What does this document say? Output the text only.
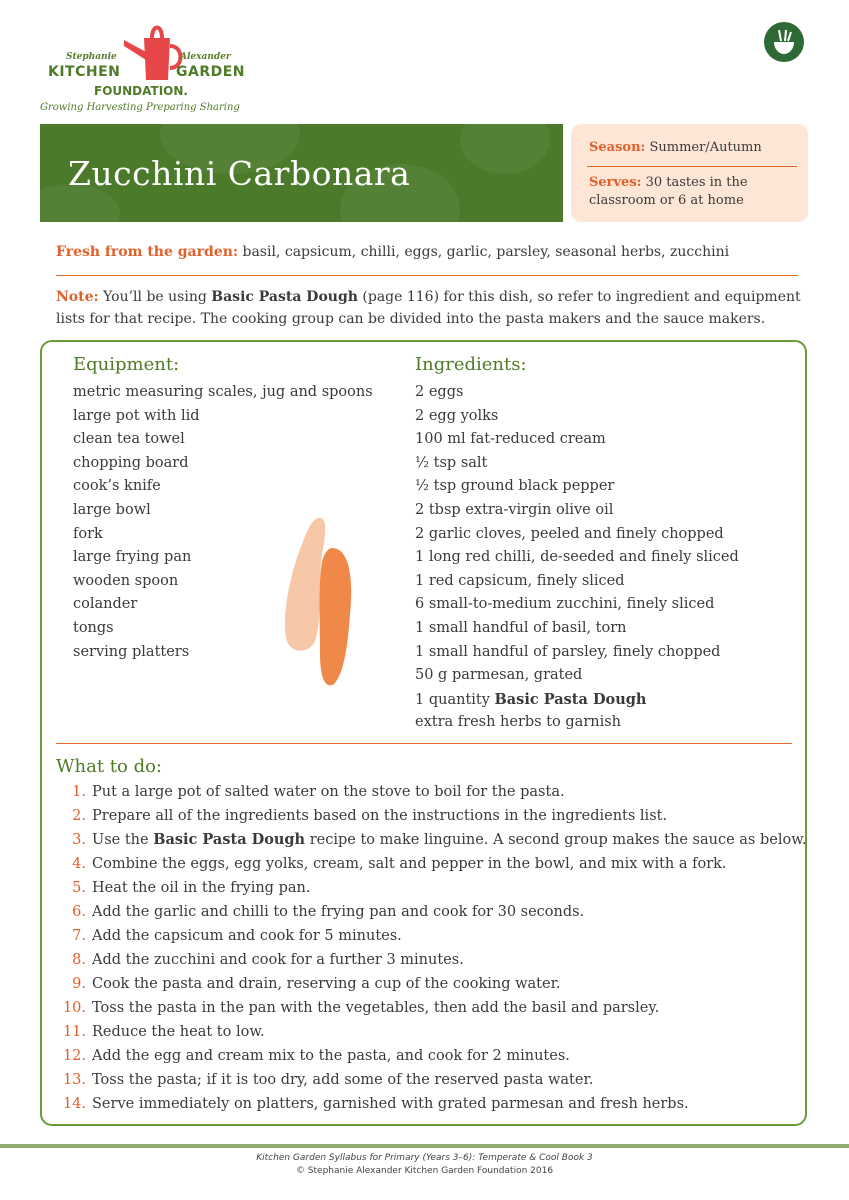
Stephanie	Alexander
KITCHEN	GARDEN
FOUNDATION.
Growing Harvesting Preparing Sharing
Zucchini Carbonara
Season: Summer/Autumn
Serves: 30 tastes in the classroom or 6 at home
Fresh from the garden: basil, capsicum, chilli, eggs, garlic, parsley, seasonal herbs, zucchini
Note: You’ll be using Basic Pasta Dough (page 116) for this dish, so refer to ingredient and equipment lists for that recipe. The cooking group can be divided into the pasta makers and the sauce makers.
Equipment:
metric measuring scales, jug and spoons
large pot with lid
clean tea towel
chopping board
cook’s knife
large bowl
fork
large frying pan
wooden spoon
colander
tongs
serving platters
Ingredients:
2 eggs
2 egg yolks
100 ml fat-reduced cream
½ tsp salt
½ tsp ground black pepper
2 tbsp extra-virgin olive oil
2 garlic cloves, peeled and finely chopped
1 long red chilli, de-seeded and finely sliced
1 red capsicum, finely sliced
6 small-to-medium zucchini, finely sliced
1 small handful of basil, torn
1 small handful of parsley, finely chopped
50 g parmesan, grated
1 quantity Basic Pasta Dough
extra fresh herbs to garnish
What to do:
1. Put a large pot of salted water on the stove to boil for the pasta.
2. Prepare all of the ingredients based on the instructions in the ingredients list.
3. Use the Basic Pasta Dough recipe to make linguine. A second group makes the sauce as below.
4. Combine the eggs, egg yolks, cream, salt and pepper in the bowl, and mix with a fork.
5. Heat the oil in the frying pan.
6. Add the garlic and chilli to the frying pan and cook for 30 seconds.
7. Add the capsicum and cook for 5 minutes.
8. Add the zucchini and cook for a further 3 minutes.
9. Cook the pasta and drain, reserving a cup of the cooking water.
10. Toss the pasta in the pan with the vegetables, then add the basil and parsley.
11. Reduce the heat to low.
12. Add the egg and cream mix to the pasta, and cook for 2 minutes.
13. Toss the pasta; if it is too dry, add some of the reserved pasta water.
14. Serve immediately on platters, garnished with grated parmesan and fresh herbs.
Kitchen Garden Syllabus for Primary (Years 3–6): Temperate & Cool Book 3
© Stephanie Alexander Kitchen Garden Foundation 2016
